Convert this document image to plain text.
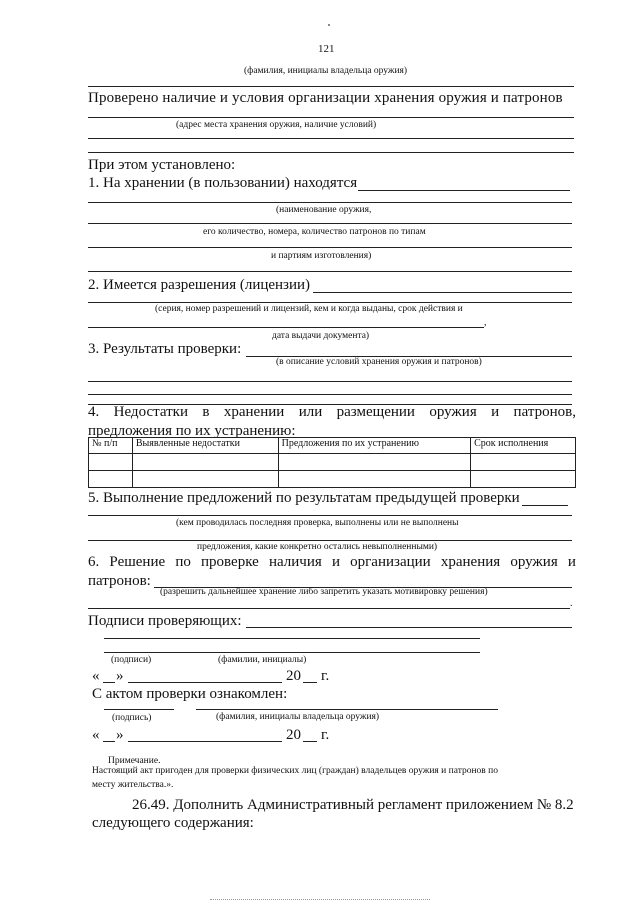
121
(фамилия, инициалы владельца оружия)
Проверено наличие и условия организации хранения оружия и патронов
(адрес места хранения оружия, наличие условий)
При этом установлено:
1. На хранении (в пользовании) находятся
(наименование оружия,
его количество, номера, количество патронов по типам
и партиям изготовления)
2. Имеется разрешения (лицензии)
(серия, номер разрешений и лицензий, кем и когда выданы, срок действия и
,
дата выдачи документа)
3. Результаты проверки:
(в описание условий хранения оружия и патронов)
4. Недостатки в хранении или размещении оружия и патронов,
предложения по их устранению:
№ п/п	Выявленные недостатки	Предложения по их устранению	Срок исполнения

5. Выполнение предложений по результатам предыдущей проверки
(кем проводилась последняя проверка, выполнены или не выполнены
предложения, какие конкретно остались невыполненными)
6. Решение по проверке наличия и организации хранения оружия и
патронов:
(разрешить дальнейшее хранение либо запретить указать мотивировку решения)
.
Подписи проверяющих:
(подписи)	(фамилии, инициалы)
« »	20 г.
С актом проверки ознакомлен:
(подпись)	(фамилия, инициалы владельца оружия)
« »	20 г.
Примечание.
Настоящий акт пригоден для проверки физических лиц (граждан) владельцев оружия и патронов по
месту жительства.».
26.49. Дополнить Административный регламент приложением № 8.2
следующего содержания:
